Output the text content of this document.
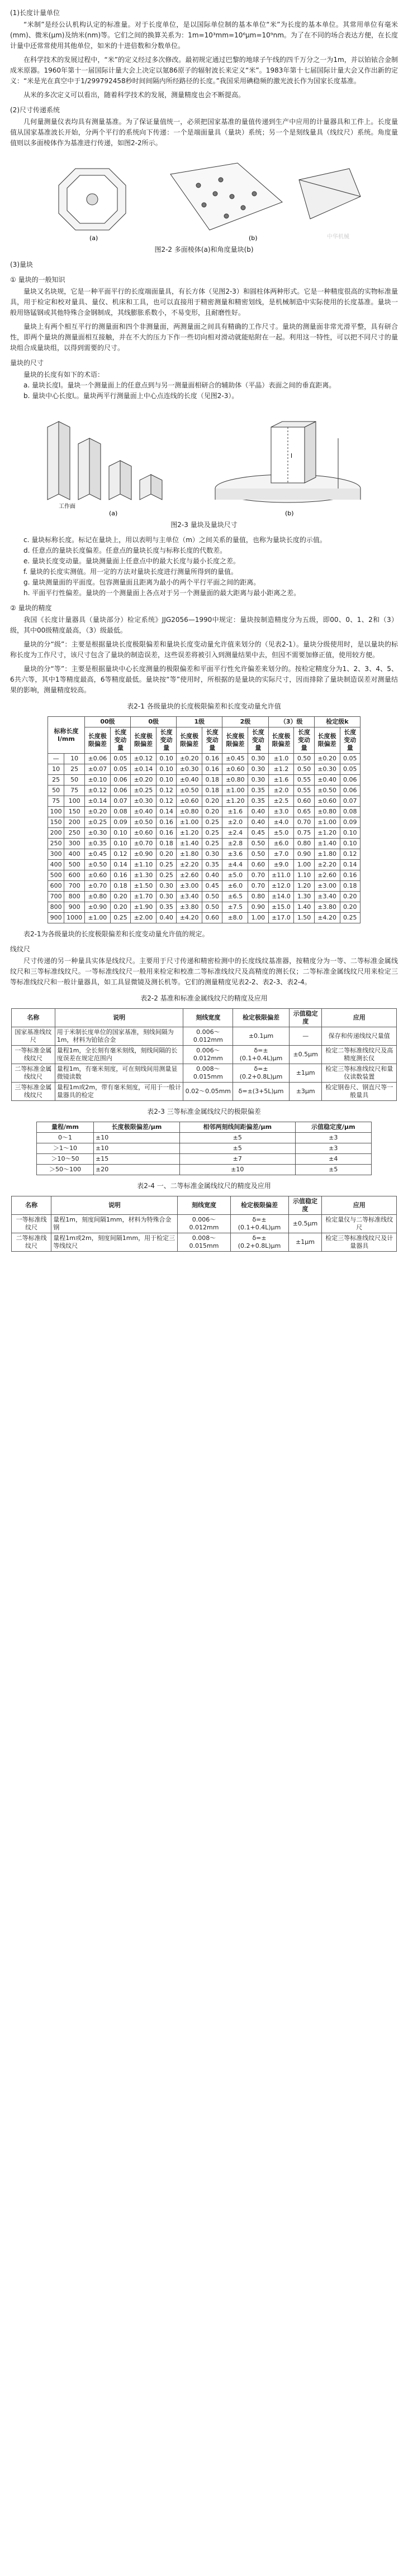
(1)长度计量单位

“米制”是经公认机构认定的标准量。对于长度单位，是以国际单位制的基本单位“米”为长度的基本单位。其常用单位有毫米(mm)、微米(μm)及纳米(nm)等。它们之间的换算关系为：1m=10³mm=10⁶μm=10⁹nm。为了在不同的场合表达方便，在长度计量中还常常使用其他单位，如米的十进倍数和分数单位。

在科学技术的发展过程中，“米”的定义经过多次修改。最初规定通过巴黎的地球子午线的四千万分之一为1m，并以铂铱合金制成米原器。1960年第十一届国际计量大会上决定以氪86原子的辐射波长来定义“米”。1983年第十七届国际计量大会又作出新的定义：“米是光在真空中于1/299792458秒时间间隔内所经路径的长度。”我国采用碘稳频的激光波长作为国家长度基准。

从米的多次定义可以看出，随着科学技术的发展，测量精度也会不断提高。

(2)尺寸传递系统

几何量测量仪表均具有测量基准。为了保证量值统一，必须把国家基准的量值传递到生产中应用的计量器具和工件上。长度量值从国家基准波长开始，分两个平行的系统向下传递：一个是端面量具（量块）系统；另一个是刻线量具（线纹尺）系统。角度量值则以多面棱体作为基准进行传递，如图2-2所示。

(a)	(b)	中华机械
图2-2 多面棱体(a)和角度量块(b)
(3)量块
① 量块的一般知识

量块又名块规，它是一种平面平行的长度端面量具，有长方体（见图2-3）和圆柱体两种形式。它是一种精度很高的实物标准量具，用于检定和校对量具、量仪、机床和工具，也可以直接用于精密测量和精密划线，是机械制造中实际使用的长度基准。量块一般用铬锰钢或其他特殊合金钢制成，其线膨胀系数小，不易变形，且耐磨性好。

量块上有两个相互平行的测量面和四个非测量面，两测量面之间具有精确的工作尺寸。量块的测量面非常光滑平整，具有研合性，即两个量块的测量面相互接触，并在不大的压力下作一些切向相对滑动就能贴附在一起。利用这一特性，可以把不同尺寸的量块组合成量块组，以得到需要的尺寸。

量块的尺寸

量块的长度有如下的术语：

a. 量块长度l。量块一个测量面上的任意点到与另一测量面相研合的辅助体（平晶）表面之间的垂直距离。

b. 量块中心长度l꜀。量块两平行测量面上中心点连线的长度（见图2-3）。

工作面
l
(a)	(b)
图2-3 量块及量块尺寸

c. 量块标称长度。标记在量块上，用以表明与主单位（m）之间关系的量值，也称为量块长度的示值。

d. 任意点的量块长度偏差。任意点的量块长度与标称长度的代数差。

e. 量块长度变动量。量块测量面上任意点中的最大长度与最小长度之差。

f. 量块的长度实测值。用一定的方法对量块长度进行测量所得到的量值。

g. 量块测量面的平面度。包容测量面且距离为最小的两个平行平面之间的距离。

h. 平面平行性偏差。量块的一个测量面上各点对于另一个测量面的最大距离与最小距离之差。

② 量块的精度

我国《长度计量器具（量块部分）检定系统》JJG2056—1990中规定：量块按制造精度分为五级，即00、0、1、2和（3）级，其中00级精度最高，（3）级最低。

量块的分“级”：主要是根据量块长度极限偏差和量块长度变动量允许值来划分的（见表2-1）。量块分级使用时，是以量块的标称长度为工作尺寸，该尺寸包含了量块的制造误差，这些误差将被引入到测量结果中去，但因不需要加修正值，使用较方便。

量块的分“等”：主要是根据量块中心长度测量的极限偏差和平面平行性允许偏差来划分的。按检定精度分为1、2、3、4、5、6共六等，其中1等精度最高，6等精度最低。量块按“等”使用时，所根据的是量块的实际尺寸，因而排除了量块制造误差对测量结果的影响，测量精度较高。

表2-1 各级量块的长度极限偏差和长度变动量允许值
标称长度l/mm		00级		0级		1级		2级		（3）级		检定级k	
		长度极限偏差	长度变动量	长度极限偏差	长度变动量	长度极限偏差	长度变动量	长度极限偏差	长度变动量	长度极限偏差	长度变动量	长度极限偏差	长度变动量
—	10	±0.06	0.05	±0.12	0.10	±0.20	0.16	±0.45	0.30	±1.0	0.50	±0.20	0.05
10	25	±0.07	0.05	±0.14	0.10	±0.30	0.16	±0.60	0.30	±1.2	0.50	±0.30	0.05
25	50	±0.10	0.06	±0.20	0.10	±0.40	0.18	±0.80	0.30	±1.6	0.55	±0.40	0.06
50	75	±0.12	0.06	±0.25	0.12	±0.50	0.18	±1.00	0.35	±2.0	0.55	±0.50	0.06
75	100	±0.14	0.07	±0.30	0.12	±0.60	0.20	±1.20	0.35	±2.5	0.60	±0.60	0.07
100	150	±0.20	0.08	±0.40	0.14	±0.80	0.20	±1.6	0.40	±3.0	0.65	±0.80	0.08
150	200	±0.25	0.09	±0.50	0.16	±1.00	0.25	±2.0	0.40	±4.0	0.70	±1.00	0.09
200	250	±0.30	0.10	±0.60	0.16	±1.20	0.25	±2.4	0.45	±5.0	0.75	±1.20	0.10
250	300	±0.35	0.10	±0.70	0.18	±1.40	0.25	±2.8	0.50	±6.0	0.80	±1.40	0.10
300	400	±0.45	0.12	±0.90	0.20	±1.80	0.30	±3.6	0.50	±7.0	0.90	±1.80	0.12
400	500	±0.50	0.14	±1.10	0.25	±2.20	0.35	±4.4	0.60	±9.0	1.00	±2.20	0.14
500	600	±0.60	0.16	±1.30	0.25	±2.60	0.40	±5.0	0.70	±11.0	1.10	±2.60	0.16
600	700	±0.70	0.18	±1.50	0.30	±3.00	0.45	±6.0	0.70	±12.0	1.20	±3.00	0.18
700	800	±0.80	0.20	±1.70	0.30	±3.40	0.50	±6.5	0.80	±14.0	1.30	±3.40	0.20
800	900	±0.90	0.20	±1.90	0.35	±3.80	0.50	±7.5	0.90	±15.0	1.40	±3.80	0.20
900	1000	±1.00	0.25	±2.00	0.40	±4.20	0.60	±8.0	1.00	±17.0	1.50	±4.20	0.25

表2-1为各级量块的长度极限偏差和长度变动量允许值的规定。

线纹尺

尺寸传递的另一种量具实体是线纹尺。主要用于尺寸传递和精密检测中的长度线纹基准器，按精度分为一等、二等标准金属线纹尺和三等标准线纹尺。一等标准线纹尺一般用来检定和校准二等标准线纹尺及高精度的测长仪；二等标准金属线纹尺用来检定三等标准线纹尺和一般计量器具，如工具显微镜及测长机等。它们的测量精度见表2-2、表2-3、表2-4。

表2-2 基准和标准金属线纹尺的精度及应用
名称	说明	刻线宽度	检定极限偏差	示值稳定度	应用
国家基准线纹尺	用于米制长度单位的国家基准，刻线间隔为1m，材料为铂铱合金	0.006～0.012mm	±0.1μm	—	保存和传递线纹尺量值
一等标准金属线纹尺	量程1m，全长刻有毫米刻线，刻线间隔的长度误差在规定范围内	0.006～0.012mm	δ=±(0.1+0.4L)μm	±0.5μm	检定二等标准线纹尺及高精度测长仪
二等标准金属线纹尺	量程1m，有毫米刻度，可在刻线间用测量显微镜读数	0.008～0.015mm	δ=±(0.2+0.8L)μm	±1μm	检定三等标准线纹尺和量仪读数装置
三等标准金属线纹尺	量程1m或2m，带有毫米刻度，可用于一般计量器具的检定	0.02～0.05mm	δ=±(3+5L)μm	±3μm	检定钢卷尺、钢直尺等一般量具
表2-3 三等标准金属线纹尺的极限偏差
量程/mm	长度极限偏差/μm	相邻两刻线间距偏差/μm	示值稳定度/μm
0～1	±10	±5	±3
＞1～10	±10	±5	±3
＞10～50	±15	±7	±4
＞50～100	±20	±10	±5
表2-4 一、二等标准金属线纹尺的精度及应用
名称	说明	刻线宽度	检定极限偏差	示值稳定度	应用
一等标准线纹尺	量程1m，刻度间隔1mm，材料为特殊合金钢	0.006～0.012mm	δ=±(0.1+0.4L)μm	±0.5μm	检定量仪与二等标准线纹尺
二等标准线纹尺	量程1m或2m，刻度间隔1mm，用于检定三等线纹尺	0.008～0.015mm	δ=±(0.2+0.8L)μm	±1μm	检定三等标准线纹尺及计量器具
